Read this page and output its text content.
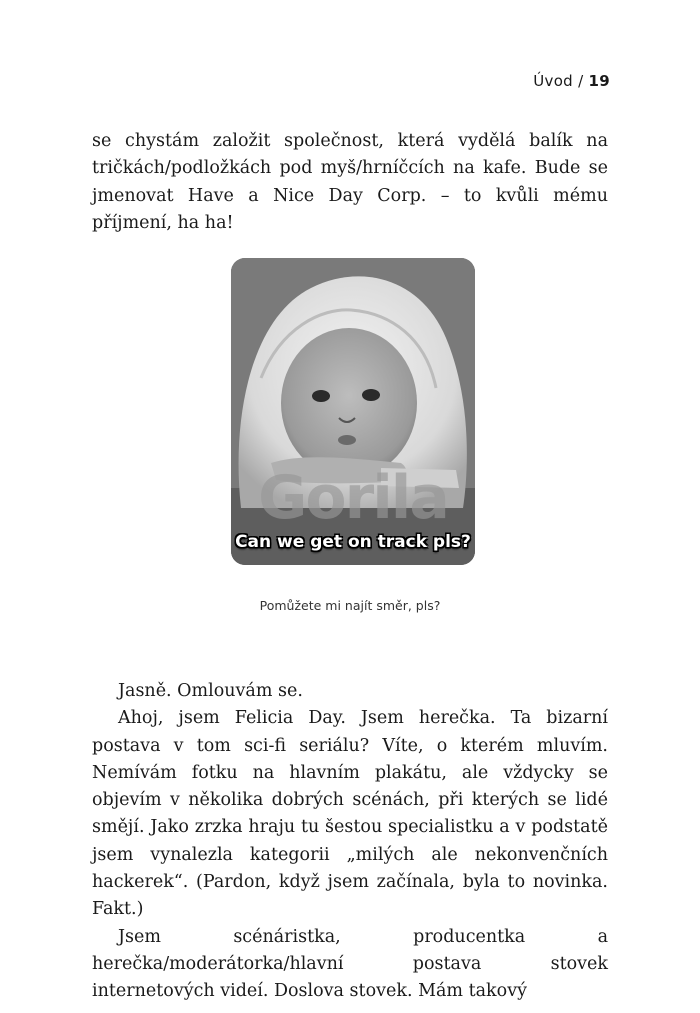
Úvod / 19

se chystám založit společnost, která vydělá balík na tričkách/podložkách pod myš/hrníčcích na kafe. Bude se jmenovat Have a Nice Day Corp. – to kvůli mému příjmení, ha ha!

Gorila
Can we get on track pls?
Pomůžete mi najít směr, pls?

Jasně. Omlouvám se.

Ahoj, jsem Felicia Day. Jsem herečka. Ta bizarní postava v tom sci-fi seriálu? Víte, o kterém mluvím. Nemívám fotku na hlavním plakátu, ale vždycky se objevím v několika dobrých scénách, při kterých se lidé smějí. Jako zrzka hraju tu šestou specialistku a v podstatě jsem vynalezla kategorii „milých ale nekonvenčních hackerek“. (Pardon, když jsem začínala, byla to novinka. Fakt.)

Jsem scénáristka, producentka a herečka/moderátorka/hlavní postava stovek internetových videí. Doslova stovek. Mám takový
